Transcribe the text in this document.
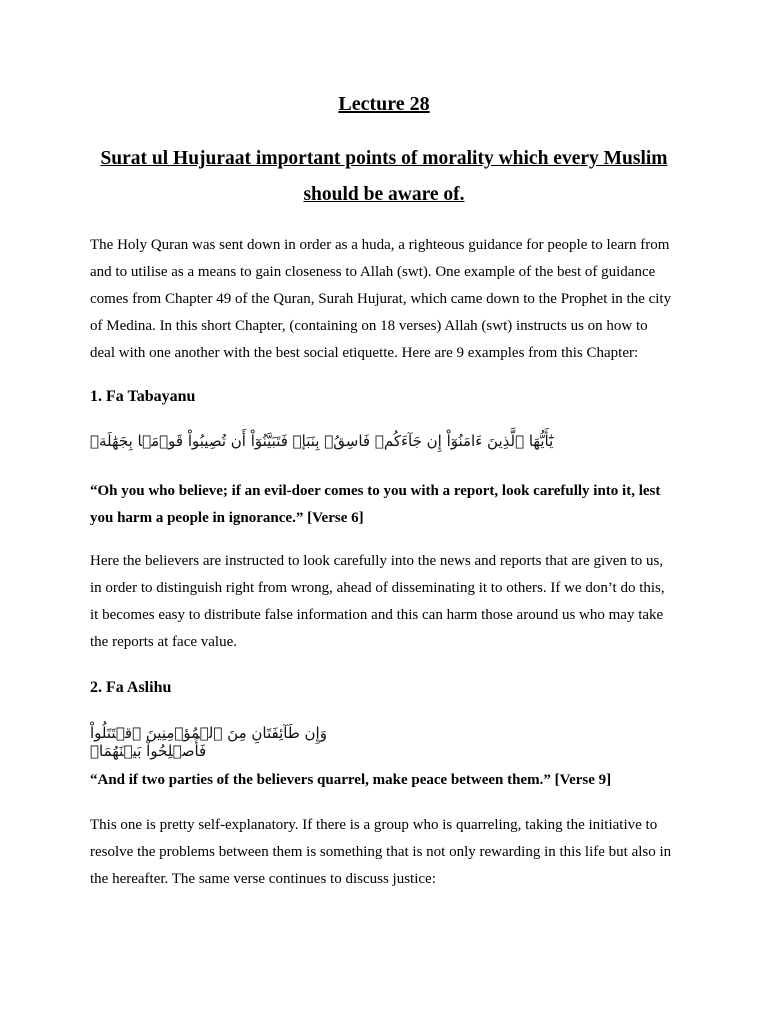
Lecture 28
Surat ul Hujuraat important points of morality which every Muslim
should be aware of.
The Holy Quran was sent down in order as a huda, a righteous guidance for people to learn from
and to utilise as a means to gain closeness to Allah (swt). One example of the best of guidance
comes from Chapter 49 of the Quran, Surah Hujurat, which came down to the Prophet in the city
of Medina. In this short Chapter, (containing on 18 verses) Allah (swt) instructs us on how to
deal with one another with the best social etiquette. Here are 9 examples from this Chapter:
1. Fa Tabayanu
يَٰٓأَيُّهَا ٱلَّذِينَ ءَامَنُوٓاْ إِن جَآءَكُمۡ فَاسِقُۢ بِنَبَإٖ فَتَبَيَّنُوٓاْ أَن تُصِيبُواْ قَوۡمَۢا بِجَهَٰلَةٖ
“Oh you who believe; if an evil-doer comes to you with a report, look carefully into it, lest
you harm a people in ignorance.” [Verse 6]
Here the believers are instructed to look carefully into the news and reports that are given to us,
in order to distinguish right from wrong, ahead of disseminating it to others. If we don’t do this,
it becomes easy to distribute false information and this can harm those around us who may take
the reports at face value.
2. Fa Aslihu
وَإِن طَآئِفَتَانِ مِنَ ٱلۡمُؤۡمِنِينَ ٱقۡتَتَلُواْ فَأَصۡلِحُواْ بَيۡنَهُمَاۖ
“And if two parties of the believers quarrel, make peace between them.” [Verse 9]
This one is pretty self-explanatory. If there is a group who is quarreling, taking the initiative to
resolve the problems between them is something that is not only rewarding in this life but also in
the hereafter. The same verse continues to discuss justice:
